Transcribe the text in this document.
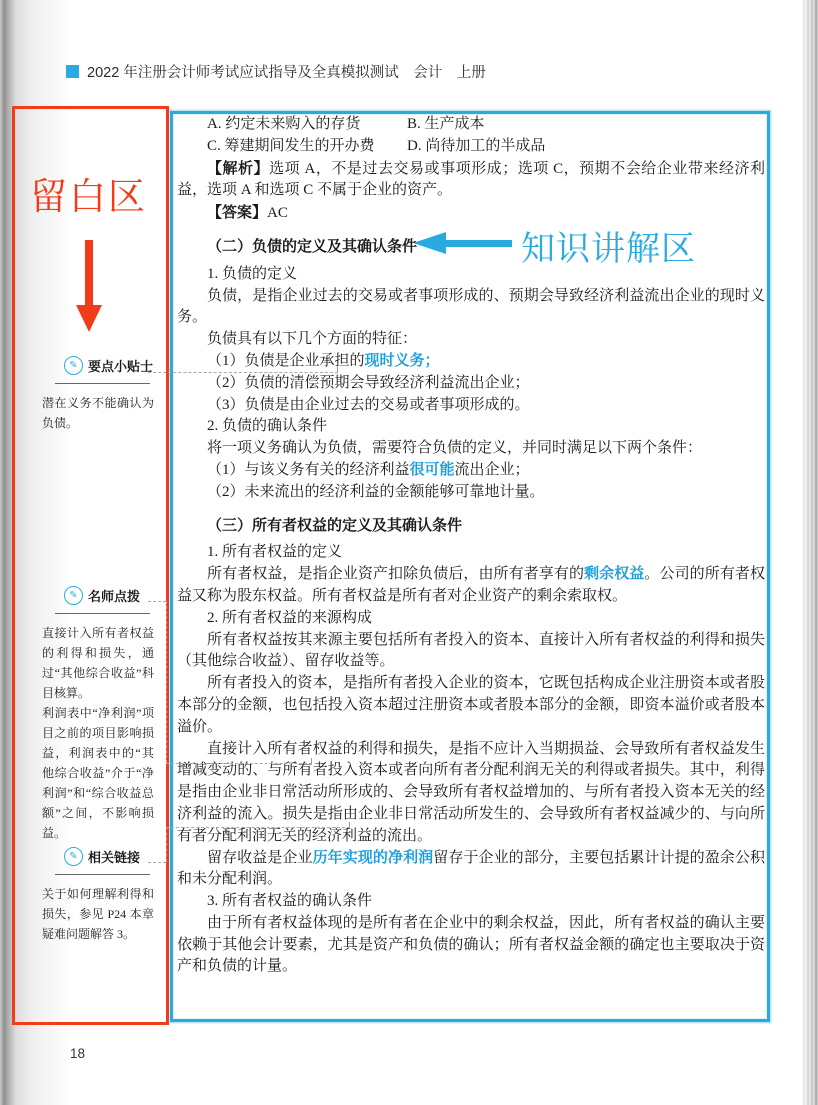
2022 年注册会计师考试应试指导及全真模拟测试　会计　上册
留白区
知识讲解区

A. 约定未来购入的存货	B. 生产成本

C. 筹建期间发生的开办费 D. 尚待加工的半成品

【解析】选项 A，不是过去交易或事项形成；选项 C，预期不会给企业带来经济利益，选项 A 和选项 C 不属于企业的资产。

【答案】AC

（二）负债的定义及其确认条件

1. 负债的定义

负债，是指企业过去的交易或者事项形成的、预期会导致经济利益流出企业的现时义务。

负债具有以下几个方面的特征：

（1）负债是企业承担的现时义务；

（2）负债的清偿预期会导致经济利益流出企业；

（3）负债是由企业过去的交易或者事项形成的。

2. 负债的确认条件

将一项义务确认为负债，需要符合负债的定义，并同时满足以下两个条件：

（1）与该义务有关的经济利益很可能流出企业；

（2）未来流出的经济利益的金额能够可靠地计量。

（三）所有者权益的定义及其确认条件

1. 所有者权益的定义

所有者权益，是指企业资产扣除负债后，由所有者享有的剩余权益。公司的所有者权益又称为股东权益。所有者权益是所有者对企业资产的剩余索取权。

2. 所有者权益的来源构成

所有者权益按其来源主要包括所有者投入的资本、直接计入所有者权益的利得和损失（其他综合收益）、留存收益等。

所有者投入的资本，是指所有者投入企业的资本，它既包括构成企业注册资本或者股本部分的金额，也包括投入资本超过注册资本或者股本部分的金额，即资本溢价或者股本溢价。

直接计入所有者权益的利得和损失，是指不应计入当期损益、会导致所有者权益发生增减变动的、与所有者投入资本或者向所有者分配利润无关的利得或者损失。其中，利得是指由企业非日常活动所形成的、会导致所有者权益增加的、与所有者投入资本无关的经济利益的流入。损失是指由企业非日常活动所发生的、会导致所有者权益减少的、与向所有者分配利润无关的经济利益的流出。

留存收益是企业历年实现的净利润留存于企业的部分，主要包括累计计提的盈余公积和未分配利润。

3. 所有者权益的确认条件

由于所有者权益体现的是所有者在企业中的剩余权益，因此，所有者权益的确认主要依赖于其他会计要素，尤其是资产和负债的确认；所有者权益金额的确定也主要取决于资产和负债的计量。

✎ 要点小贴士

潜在义务不能确认为负债。

✎ 名师点拨

直接计入所有者权益的利得和损失，通过“其他综合收益”科目核算。

利润表中“净利润”项目之前的项目影响损益，利润表中的“其他综合收益”介于“净利润”和“综合收益总额”之间，不影响损益。

✎ 相关链接

关于如何理解利得和损失，参见 P24 本章疑难问题解答 3。

18
